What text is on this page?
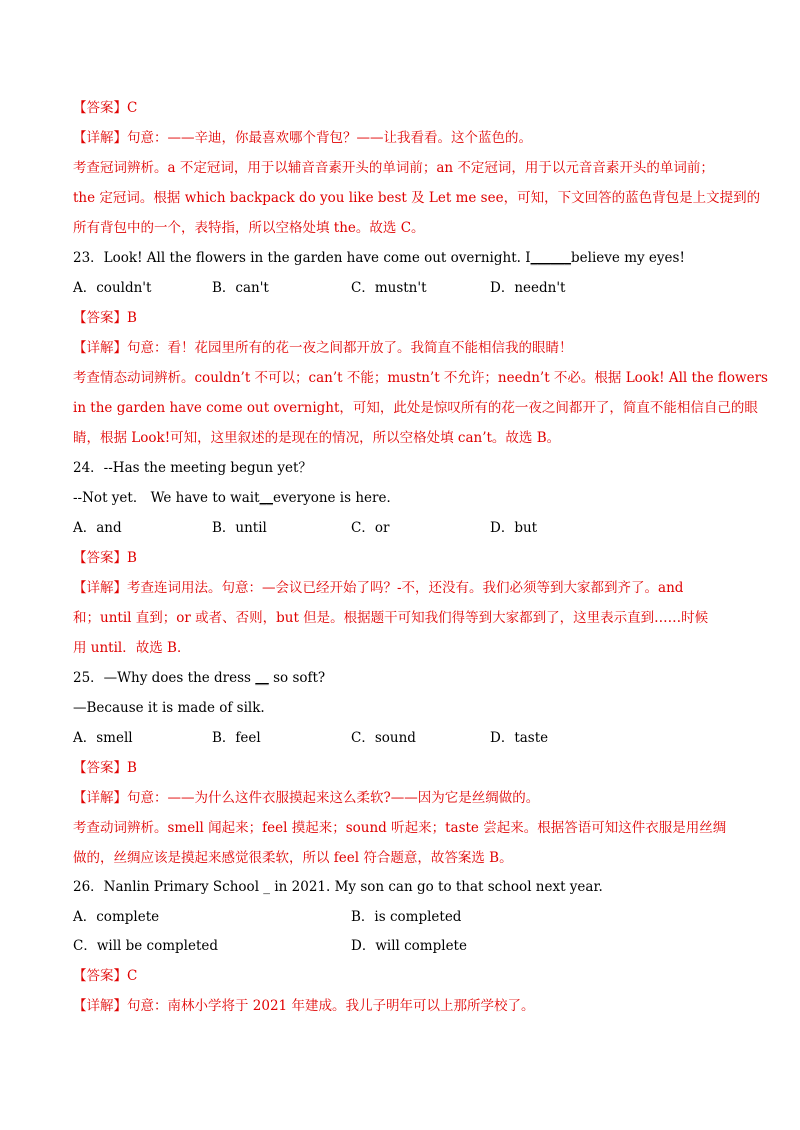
【答案】C
【详解】句意：——辛迪，你最喜欢哪个背包？——让我看看。这个蓝色的。
考查冠词辨析。a 不定冠词，用于以辅音音素开头的单词前；an 不定冠词，用于以元音音素开头的单词前；
the 定冠词。根据 which backpack do you like best 及 Let me see，可知，下文回答的蓝色背包是上文提到的
所有背包中的一个，表特指，所以空格处填 the。故选 C。
23．Look! All the flowers in the garden have come out overnight. I______believe my eyes!
A．couldn't	B．can't	C．mustn't	D．needn't
【答案】B
【详解】句意：看！花园里所有的花一夜之间都开放了。我简直不能相信我的眼睛！
考查情态动词辨析。couldn’t 不可以；can’t 不能；mustn’t 不允许；needn’t 不必。根据 Look! All the flowers
in the garden have come out overnight，可知，此处是惊叹所有的花一夜之间都开了，简直不能相信自己的眼
睛，根据 Look!可知，这里叙述的是现在的情况，所以空格处填 can’t。故选 B。
24．--Has the meeting begun yet？
--Not yet． We have to wait__everyone is here．
A．and	B．until	C．or	D．but
【答案】B
【详解】考查连词用法。句意：—会议已经开始了吗？-不，还没有。我们必须等到大家都到齐了。and
和；until 直到；or 或者、否则，but 但是。根据题干可知我们得等到大家都到了，这里表示直到……时候
用 until．故选 B．
25．—Why does the dress __ so soft?
—Because it is made of silk.
A．smell	B．feel	C．sound	D．taste
【答案】B
【详解】句意：——为什么这件衣服摸起来这么柔软?——因为它是丝绸做的。
考查动词辨析。smell 闻起来；feel 摸起来；sound 听起来；taste 尝起来。根据答语可知这件衣服是用丝绸
做的，丝绸应该是摸起来感觉很柔软，所以 feel 符合题意，故答案选 B。
26．Nanlin Primary School _ in 2021. My son can go to that school next year.
A．complete	B．is completed
C．will be completed	D．will complete
【答案】C
【详解】句意：南林小学将于 2021 年建成。我儿子明年可以上那所学校了。
